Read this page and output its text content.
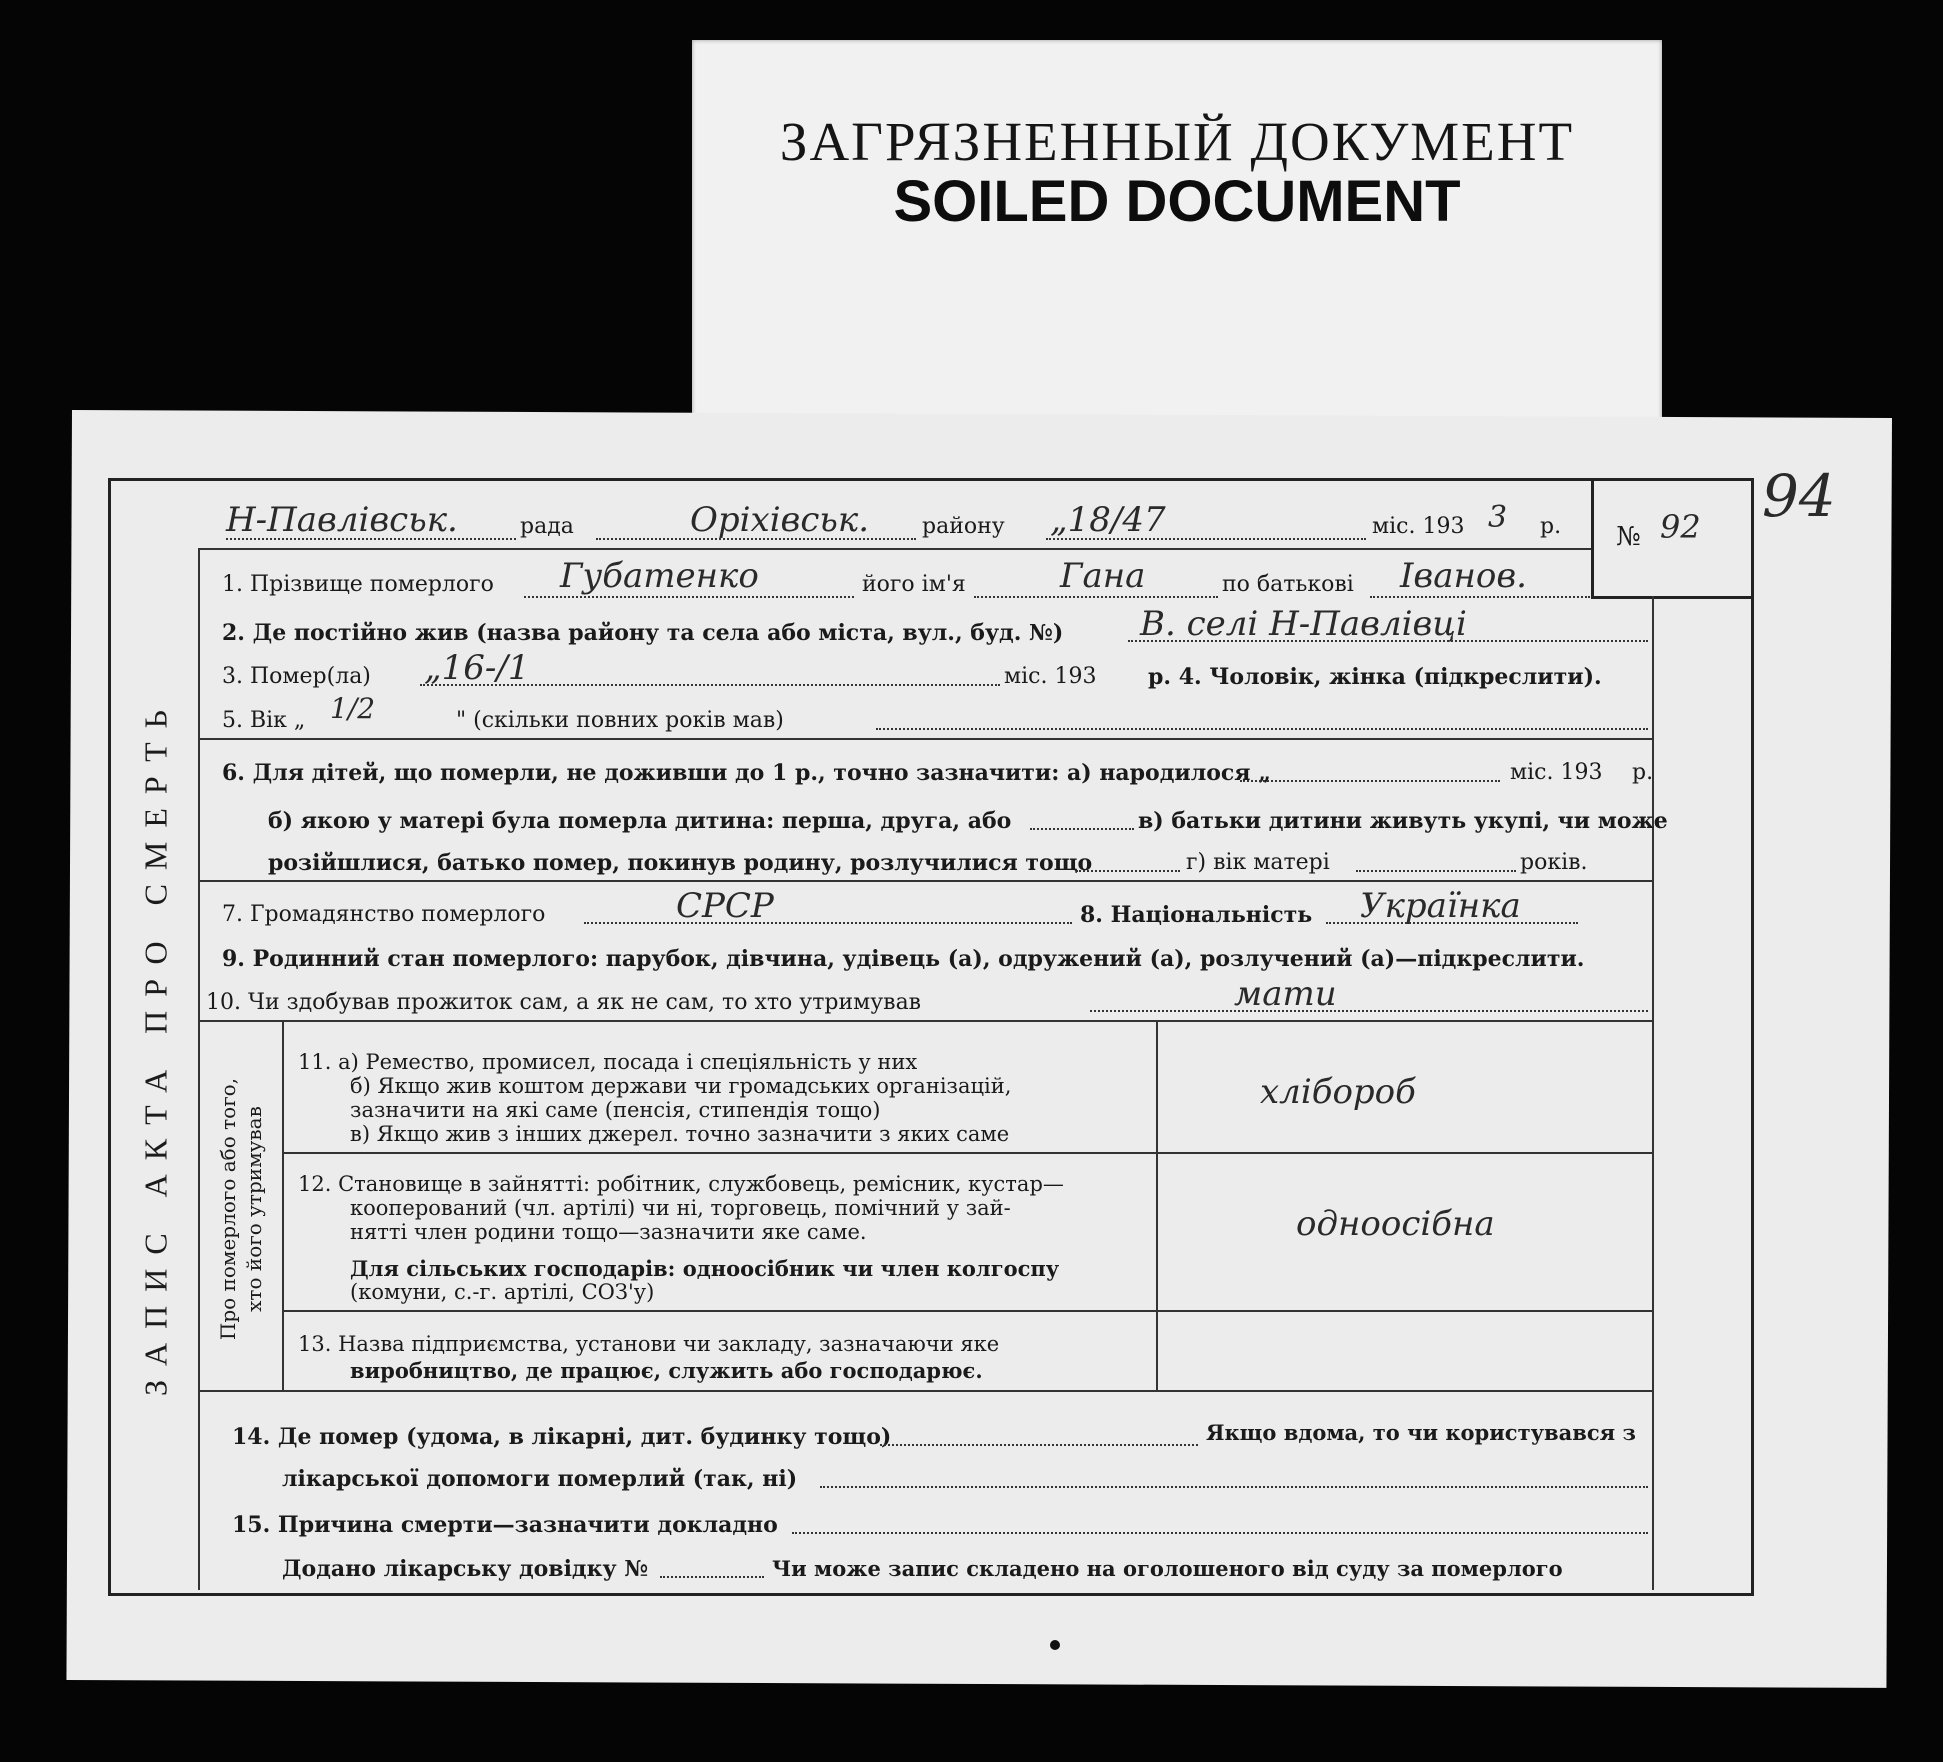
ЗАГРЯЗНЕННЫЙ ДОКУМЕНТ
SOILED DOCUMENT
ЗАПИС АКТА ПРО СМЕРТЬ Про померлого або того, хто його утримував
94
Н-Павлівськ.	рада	Оріхівськ. району „18/47	міс. 193 3 р. № 92
1. Прізвище померлого Губатенко	його ім'я	Гана	по батькові Іванов.
2. Де постійно жив (назва району та села або міста, вул., буд. №) В. селі Н-Павлівці
3. Помер(ла) „16-/1	міс. 193 р. 4. Чоловік, жінка (підкреслити).
5. Вік „ 1/2	" (скільки повних років мав)
6. Для дітей, що померли, не доживши до 1 р., точно зазначити: а) народилося „	міс. 193 р.
б) якою у матері була померла дитина: перша, друга, або	в) батьки дитини живуть укупі, чи може
розійшлися, батько помер, покинув родину, розлучилися тощо	г) вік матері	років.
7. Громадянство померлого	СРСР	8. Національність Українка
9. Родинний стан померлого: парубок, дівчина, удівець (а), одружений (а), розлучений (а)—підкреслити.
10. Чи здобував прожиток сам, а як не сам, то хто утримував	мати
11. а) Ремество, промисел, посада і спеціяльність у них
б) Якщо жив коштом держави чи громадських організацій,
зазначити на які саме (пенсія, стипендія тощо)
в) Якщо жив з інших джерел. точно зазначити з яких саме
хлібороб
12. Становище в зайнятті: робітник, службовець, ремісник, кустар—
кооперований (чл. артілі) чи ні, торговець, помічний у зай-
нятті член родини тощо—зазначити яке саме.
Для сільських господарів: одноосібник чи член колгоспу
(комуни, с.-г. артілі, СОЗ'у)
одноосібна
13. Назва підприємства, установи чи закладу, зазначаючи яке
виробництво, де працює, служить або господарює.
14. Де помер (удома, в лікарні, дит. будинку тощо)	Якщо вдома, то чи користувався з
лікарської допомоги померлий (так, ні)
15. Причина смерти—зазначити докладно
Додано лікарську довідку №	Чи може запис складено на оголошеного від суду за померлого
